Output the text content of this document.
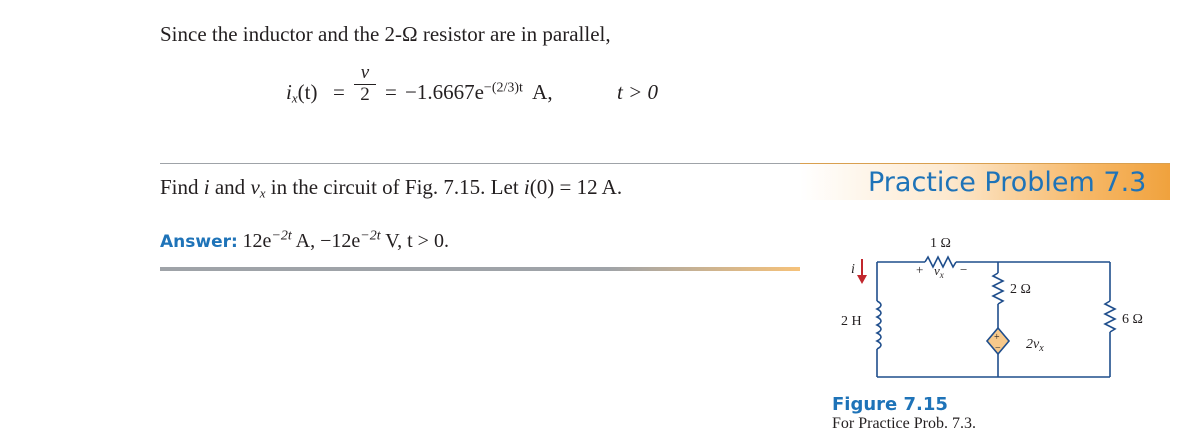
Since the inductor and the 2-Ω resistor are in parallel,
$i_x(t)$ =
v
$2 = -1.6667e^{-(2/3)t}$ A,	t > 0
Practice Problem 7.3
Find i and $v_x$ in the circuit of Fig. 7.15. Let i(0) = 12 A.
Answer: $12e^{-2t}$ A, $-12e^{-2t}$ V, t > 0.
i
1 Ω
+ $v_x$ −
2 Ω
2 H	6 Ω
+
− $2v_x$
Figure 7.15
For Practice Prob. 7.3.
